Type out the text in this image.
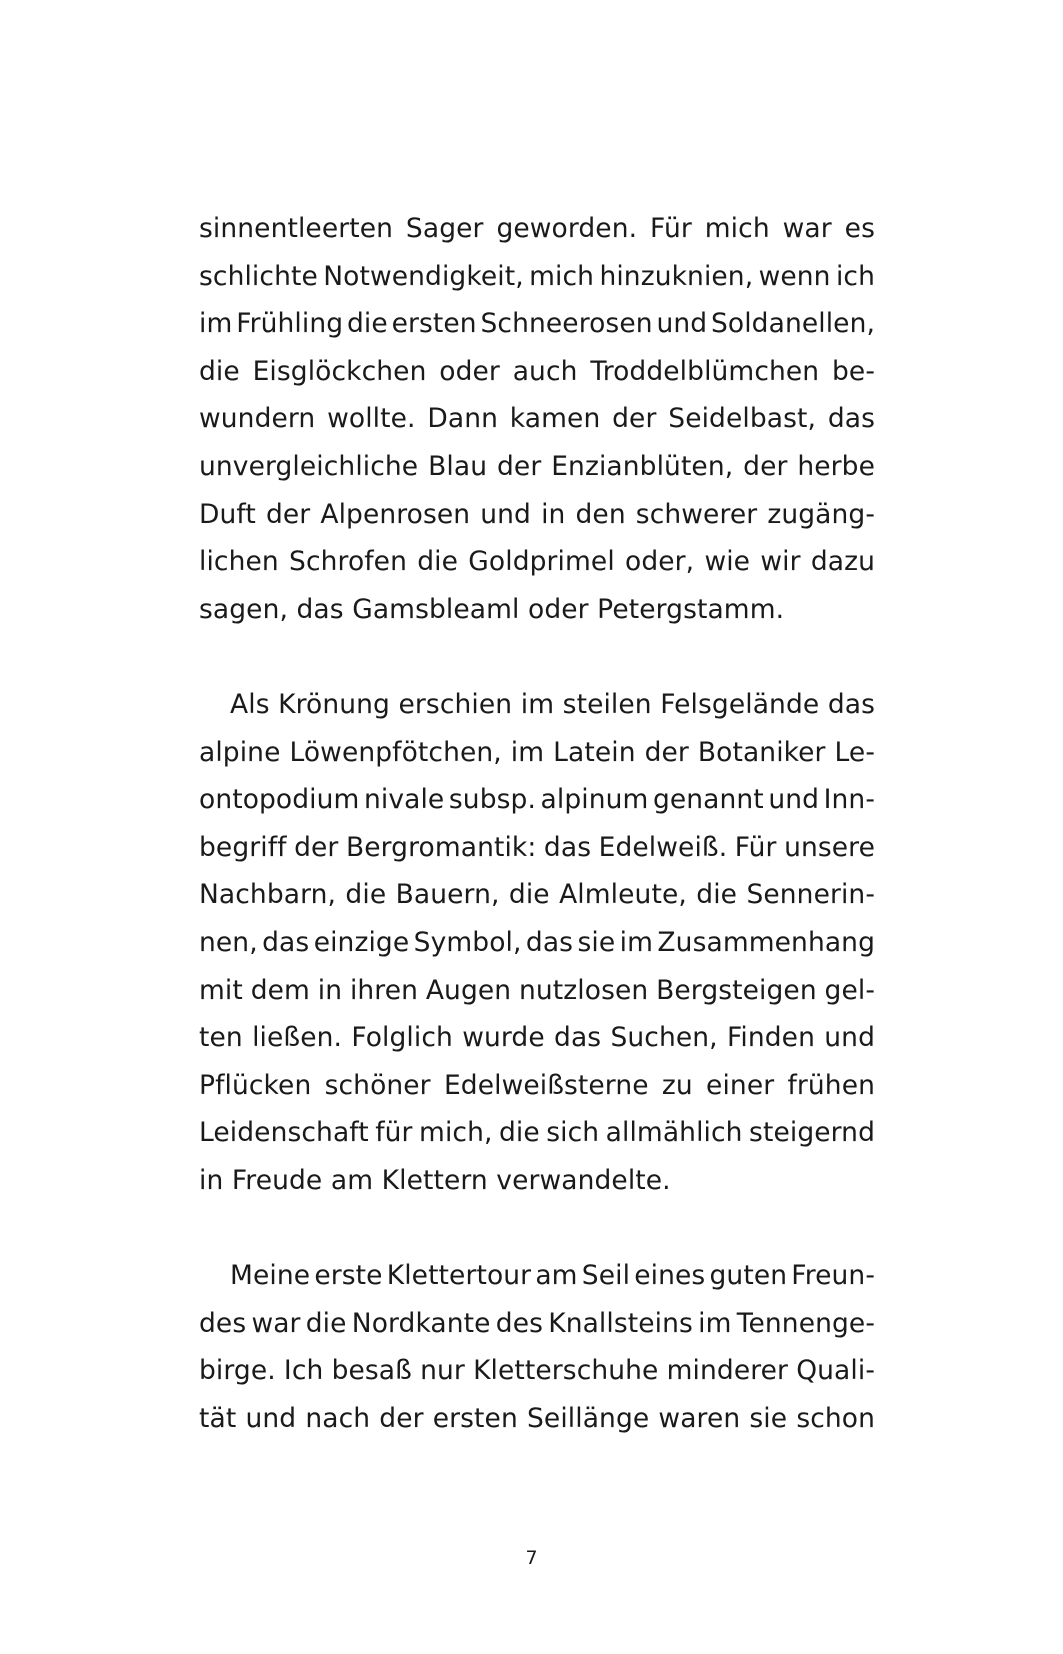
sinnentleerten Sager geworden. Für mich war es
schlichte Notwendigkeit, mich hinzuknien, wenn ich
im Frühling die ersten Schneerosen und Soldanellen,
die Eisglöckchen oder auch Troddelblümchen be-
wundern wollte. Dann kamen der Seidelbast, das
unvergleichliche Blau der Enzianblüten, der herbe
Duft der Alpenrosen und in den schwerer zugäng-
lichen Schrofen die Goldprimel oder, wie wir dazu
sagen, das Gamsbleaml oder Petergstamm.
Als Krönung erschien im steilen Felsgelände das
alpine Löwenpfötchen, im Latein der Botaniker Le-
ontopodium nivale subsp. alpinum genannt und Inn-
begriff der Bergromantik: das Edelweiß. Für unsere
Nachbarn, die Bauern, die Almleute, die Sennerin-
nen, das einzige Symbol, das sie im Zusammenhang
mit dem in ihren Augen nutzlosen Bergsteigen gel-
ten ließen. Folglich wurde das Suchen, Finden und
Pflücken schöner Edelweißsterne zu einer frühen
Leidenschaft für mich, die sich allmählich steigernd
in Freude am Klettern verwandelte.
Meine erste Klettertour am Seil eines guten Freun-
des war die Nordkante des Knallsteins im Tennenge-
birge. Ich besaß nur Kletterschuhe minderer Quali-
tät und nach der ersten Seillänge waren sie schon
7
